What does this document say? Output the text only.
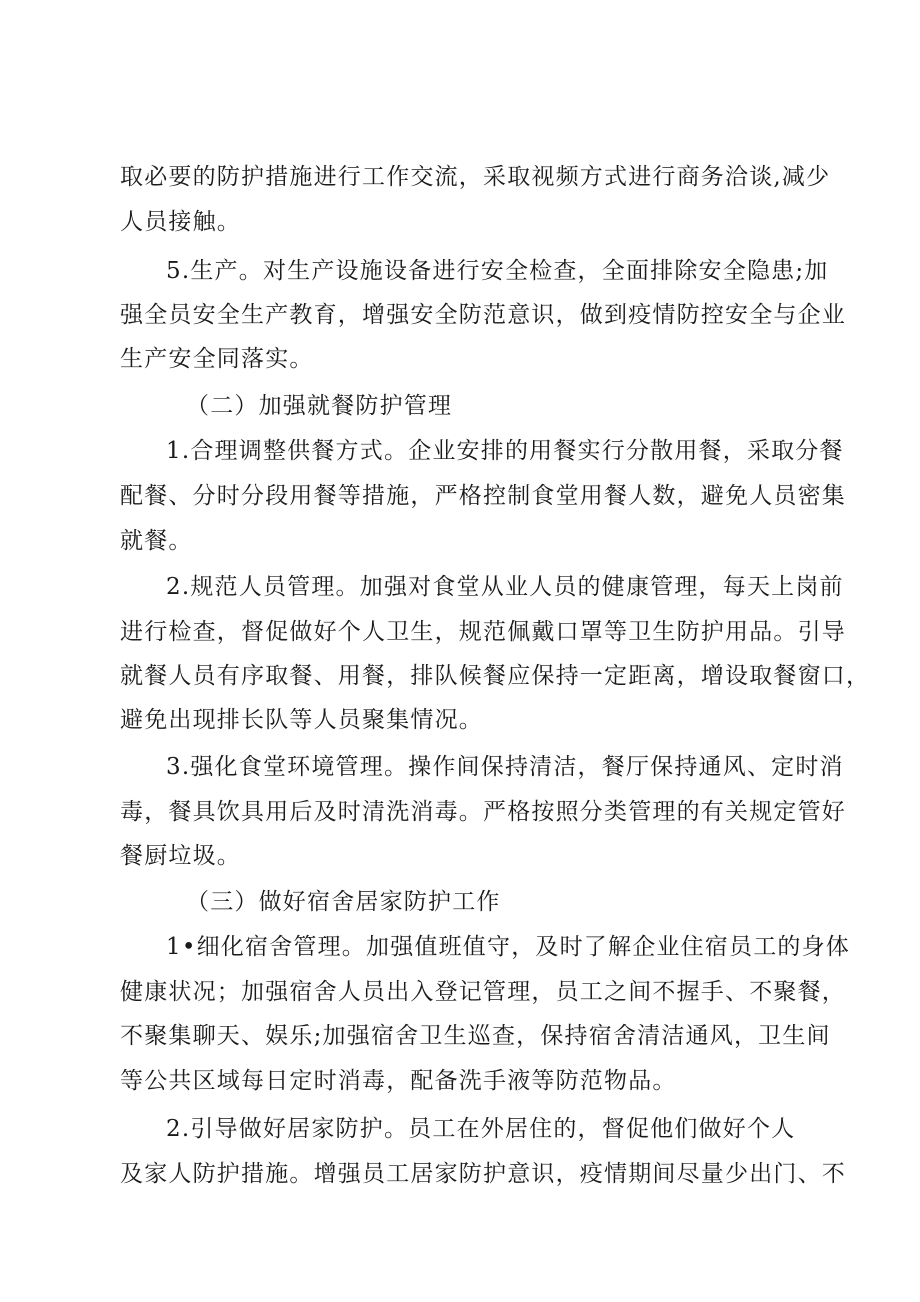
取必要的防护措施进行工作交流，采取视频方式进行商务洽谈,减少
人员接触。
5.生产。对生产设施设备进行安全检查，全面排除安全隐患;加
强全员安全生产教育，增强安全防范意识，做到疫情防控安全与企业
生产安全同落实。
（二）加强就餐防护管理
1.合理调整供餐方式。企业安排的用餐实行分散用餐，采取分餐
配餐、分时分段用餐等措施，严格控制食堂用餐人数，避免人员密集
就餐。
2.规范人员管理。加强对食堂从业人员的健康管理，每天上岗前
进行检查，督促做好个人卫生，规范佩戴口罩等卫生防护用品。引导
就餐人员有序取餐、用餐，排队候餐应保持一定距离，增设取餐窗口，
避免出现排长队等人员聚集情况。
3.强化食堂环境管理。操作间保持清洁，餐厅保持通风、定时消
毒，餐具饮具用后及时清洗消毒。严格按照分类管理的有关规定管好
餐厨垃圾。
（三）做好宿舍居家防护工作
1•细化宿舍管理。加强值班值守，及时了解企业住宿员工的身体
健康状况；加强宿舍人员出入登记管理，员工之间不握手、不聚餐，
不聚集聊天、娱乐;加强宿舍卫生巡查，保持宿舍清洁通风，卫生间
等公共区域每日定时消毒，配备洗手液等防范物品。
2.引导做好居家防护。员工在外居住的，督促他们做好个人
及家人防护措施。增强员工居家防护意识，疫情期间尽量少出门、不
